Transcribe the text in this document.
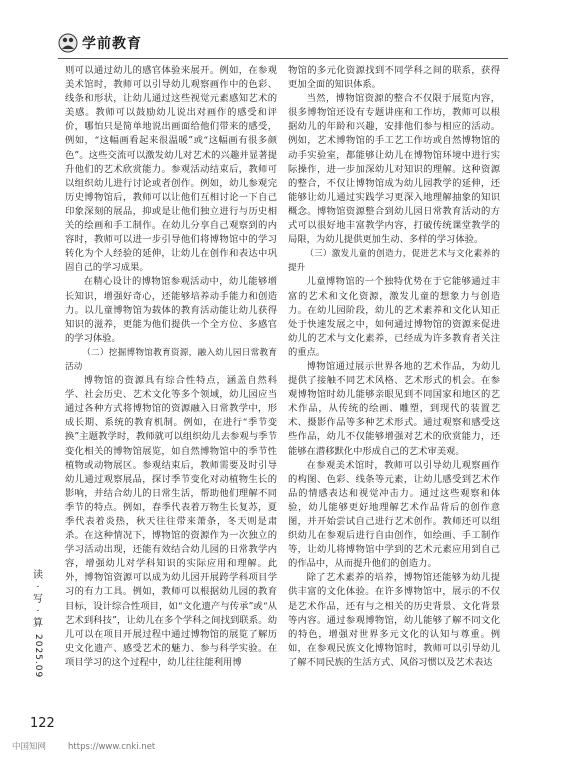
学前教育

则可以通过幼儿的感官体验来展开。例如，在参观美术馆时，教师可以引导幼儿观察画作中的色彩、线条和形状，让幼儿通过这些视觉元素感知艺术的美感。教师可以鼓励幼儿说出对画作的感受和评价，哪怕只是简单地说出画面给他们带来的感受，例如，“这幅画看起来很温暖”或“这幅画有很多颜色”。这些交流可以激发幼儿对艺术的兴趣并显著提升他们的艺术欣赏能力。参观活动结束后，教师可以组织幼儿进行讨论或者创作。例如，幼儿参观完历史博物馆后，教师可以让他们互相讨论一下自己印象深刻的展品，抑或是让他们独立进行与历史相关的绘画和手工制作。在幼儿分享自己观察到的内容时，教师可以进一步引导他们将博物馆中的学习转化为个人经验的延伸，让幼儿在创作和表达中巩固自己的学习成果。

在精心设计的博物馆参观活动中，幼儿能够增长知识，增强好奇心，还能够培养动手能力和创造力。以儿童博物馆为载体的教育活动能让幼儿获得知识的滋养，更能为他们提供一个全方位、多感官的学习体验。

（二）挖掘博物馆教育资源，融入幼儿园日常教育活动

博物馆的资源具有综合性特点，涵盖自然科学、社会历史、艺术文化等多个领域，幼儿园应当通过各种方式将博物馆的资源融入日常教学中，形成长期、系统的教育机制。例如，在进行“季节变换”主题教学时，教师就可以组织幼儿去参观与季节变化相关的博物馆展览，如自然博物馆中的季节性植物或动物展区。参观结束后，教师需要及时引导幼儿通过观察展品，探讨季节变化对动植物生长的影响，并结合幼儿的日常生活，帮助他们理解不同季节的特点。例如，春季代表着万物生长复苏，夏季代表着炎热，秋天往往带来萧条，冬天则是肃杀。在这种情况下，博物馆的资源作为一次独立的学习活动出现，还能有效结合幼儿园的日常教学内容，增强幼儿对学科知识的实际应用和理解。此外，博物馆资源可以成为幼儿园开展跨学科项目学习的有力工具。例如，教师可以根据幼儿园的教育目标，设计综合性项目，如“文化遗产与传承”或“从艺术到科技”，让幼儿在多个学科之间找到联系。幼儿可以在项目开展过程中通过博物馆的展览了解历史文化遗产、感受艺术的魅力、参与科学实验。在项目学习的这个过程中，幼儿往往能利用博

物馆的多元化资源找到不同学科之间的联系，获得更加全面的知识体系。

当然，博物馆资源的整合不仅限于展览内容，很多博物馆还设有专题讲座和工作坊，教师可以根据幼儿的年龄和兴趣，安排他们参与相应的活动。例如，艺术博物馆的手工艺工作坊或自然博物馆的动手实验室，都能够让幼儿在博物馆环境中进行实际操作，进一步加深幼儿对知识的理解。这种资源的整合，不仅让博物馆成为幼儿园教学的延伸，还能够让幼儿通过实践学习更深入地理解抽象的知识概念。博物馆资源整合到幼儿园日常教育活动的方式可以很好地丰富教学内容，打破传统课堂教学的局限，为幼儿提供更加生动、多样的学习体验。

（三）激发儿童的创造力，促进艺术与文化素养的提升

儿童博物馆的一个独特优势在于它能够通过丰富的艺术和文化资源，激发儿童的想象力与创造力。在幼儿园阶段，幼儿的艺术素养和文化认知正处于快速发展之中，如何通过博物馆的资源来促进幼儿的艺术与文化素养，已经成为许多教育者关注的重点。

博物馆通过展示世界各地的艺术作品，为幼儿提供了接触不同艺术风格、艺术形式的机会。在参观博物馆时幼儿能够亲眼见到不同国家和地区的艺术作品，从传统的绘画、雕塑，到现代的装置艺术、摄影作品等多种艺术形式。通过观察和感受这些作品，幼儿不仅能够增强对艺术的欣赏能力，还能够在潜移默化中形成自己的艺术审美观。

在参观美术馆时，教师可以引导幼儿观察画作的构图、色彩、线条等元素，让幼儿感受到艺术作品的情感表达和视觉冲击力。通过这些观察和体验，幼儿能够更好地理解艺术作品背后的创作意图，并开始尝试自己进行艺术创作。教师还可以组织幼儿在参观后进行自由创作，如绘画、手工制作等，让幼儿将博物馆中学到的艺术元素应用到自己的作品中，从而提升他们的创造力。

除了艺术素养的培养，博物馆还能够为幼儿提供丰富的文化体验。在许多博物馆中，展示的不仅是艺术作品，还有与之相关的历史背景、文化背景等内容。通过参观博物馆，幼儿能够了解不同文化的特色，增强对世界多元文化的认知与尊重。例如，在参观民族文化博物馆时，教师可以引导幼儿了解不同民族的生活方式、风俗习惯以及艺术表达

读
·
写
·
算
2025.09
122
中国知网	https://www.cnki.net
